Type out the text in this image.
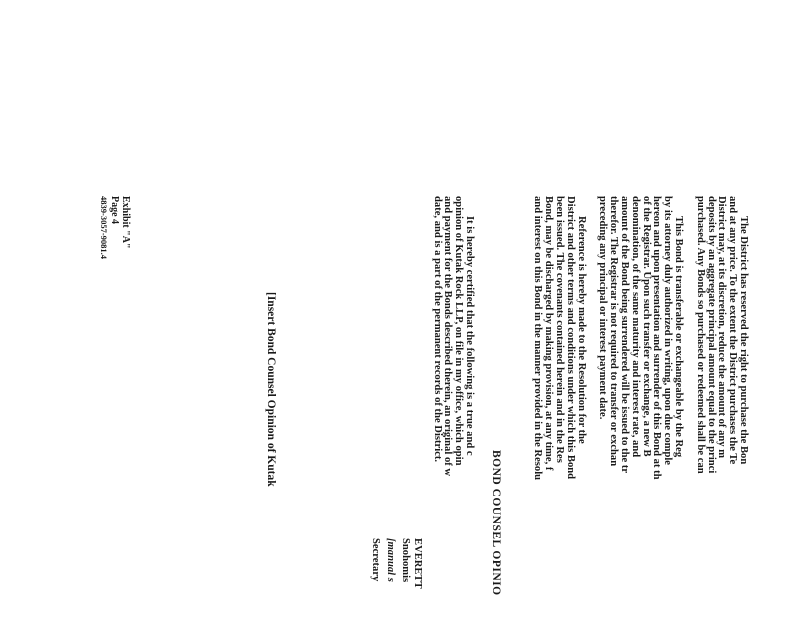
The District has reserved the right to purchase the Bon
and at any price. To the extent the District purchases the Te
District may, at its discretion, reduce the amount of any m
deposits by an aggregate principal amount equal to the princi
purchased. Any Bonds so purchased or redeemed shall be can
This Bond is transferable or exchangeable by the Reg
by its attorney duly authorized in writing, upon due comple
hereon and upon presentation and surrender of this Bond at th
of the Registrar. Upon such transfer or exchange, a new B
denomination, of the same maturity and interest rate, and
amount of the Bond being surrendered will be issued to the tr
therefor. The Registrar is not required to transfer or exchan
preceding any principal or interest payment date.
Reference is hereby made to the Resolution for the
District and other terms and conditions under which this Bond
been issued. The covenants contained herein and in the Res
Bond, may be discharged by making provision, at any time, f
and interest on this Bond in the manner provided in the Resolu
BOND COUNSEL OPINIO
It is hereby certified that the following is a true and c
opinion of Kutak Rock LLP, on file in my office, which opin
and payment for the Bonds described therein, an original of w
date, and is a part of the permanent records of the District.
EVERETT
Snohomis
[manual s
Secretary
[Insert Bond Counsel Opinion of Kutak
Exhibit "A"
Page 4
4839-3057-9081.4
